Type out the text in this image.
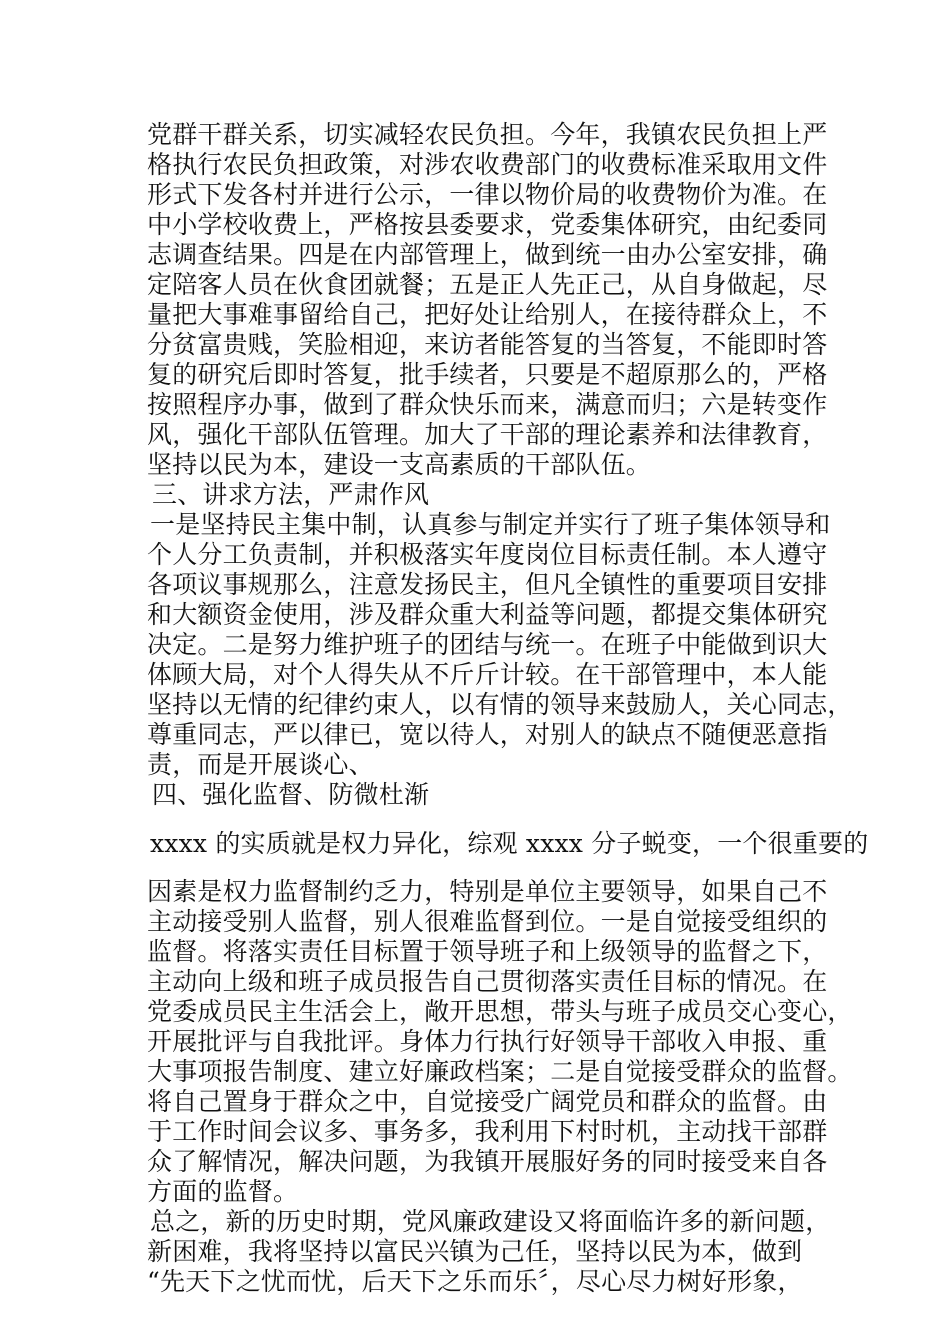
党群干群关系，切实减轻农民负担。今年，我镇农民负担上严

格执行农民负担政策，对涉农收费部门的收费标准采取用文件

形式下发各村并进行公示，一律以物价局的收费物价为准。在

中小学校收费上，严格按县委要求，党委集体研究，由纪委同

志调查结果。四是在内部管理上，做到统一由办公室安排，确

定陪客人员在伙食团就餐；五是正人先正己，从自身做起，尽

量把大事难事留给自己，把好处让给别人，在接待群众上，不

分贫富贵贱，笑脸相迎，来访者能答复的当答复，不能即时答

复的研究后即时答复，批手续者，只要是不超原那么的，严格

按照程序办事，做到了群众快乐而来，满意而归；六是转变作

风，强化干部队伍管理。加大了干部的理论素养和法律教育，

坚持以民为本，建设一支高素质的干部队伍。

三、讲求方法，严肃作风

一是坚持民主集中制，认真参与制定并实行了班子集体领导和

个人分工负责制，并积极落实年度岗位目标责任制。本人遵守

各项议事规那么，注意发扬民主，但凡全镇性的重要项目安排

和大额资金使用，涉及群众重大利益等问题，都提交集体研究

决定。二是努力维护班子的团结与统一。在班子中能做到识大

体顾大局，对个人得失从不斤斤计较。在干部管理中，本人能

坚持以无情的纪律约束人，以有情的领导来鼓励人，关心同志，

尊重同志，严以律已，宽以待人，对别人的缺点不随便恶意指

责，而是开展谈心、

四、强化监督、防微杜渐

xxxx 的实质就是权力异化，综观 xxxx 分子蜕变，一个很重要的

因素是权力监督制约乏力，特别是单位主要领导，如果自己不

主动接受别人监督，别人很难监督到位。一是自觉接受组织的

监督。将落实责任目标置于领导班子和上级领导的监督之下，

主动向上级和班子成员报告自己贯彻落实责任目标的情况。在

党委成员民主生活会上，敞开思想，带头与班子成员交心变心，

开展批评与自我批评。身体力行执行好领导干部收入申报、重

大事项报告制度、建立好廉政档案；二是自觉接受群众的监督。

将自己置身于群众之中，自觉接受广阔党员和群众的监督。由

于工作时间会议多、事务多，我利用下村时机，主动找干部群

众了解情况，解决问题，为我镇开展服好务的同时接受来自各

方面的监督。

总之，新的历史时期，党风廉政建设又将面临许多的新问题，

新困难，我将坚持以富民兴镇为己任，坚持以民为本，做到

“先天下之忧而忧，后天下之乐而乐〞，尽心尽力树好形象，
